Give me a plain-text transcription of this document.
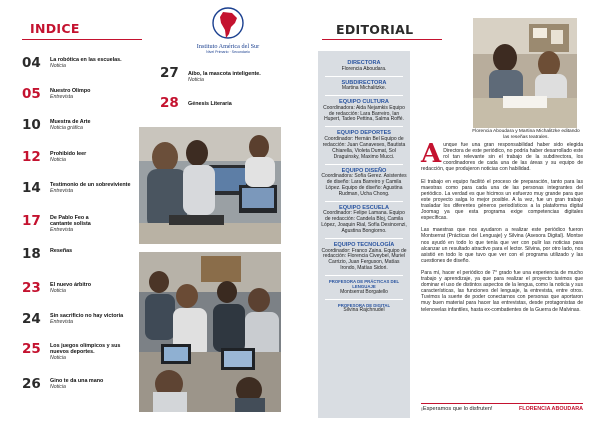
INDICE
Instituto América del Sur
Nivel Primario · Secundario
04	La robótica en las escuelas.
Noticia
05	Nuestro Olimpo
Entrevista
10	Muestra de Arte
Noticia gráfica
12	Prohibido leer
Noticia
14	Testimonio de un sobreviviente
Entrevista
17	De Pablo Feo a cantante solista
Entrevista
18	Reseñas
23	El nuevo árbitro
Noticia
24	Sin sacrificio no hay victoria
Entrevista
25	Los juegos olímpicos y sus nuevos deportes.
Noticia
26	Gino te da una mano
Noticia
27	Aibo, la mascota inteligente.
Noticia
28	Génesis Literaria
EDITORIAL
DIRECTORA
Florencia Aboudara.
SUBDIRECTORA
Martina Michalitzke.
EQUIPO CULTURA
Coordinadora: Aida Nejamkis Equipo de redacción: Lara Barreiro, Ian Hupert, Tadeo Pettina, Salma Roffé.
EQUIPO DEPORTES
Coordinador: Hernán Bel Equipo de redacción: Juan Canaveses, Bautista Chiarella, Violeta Dumat, Sol Draguinsky, Maximo Mucci.
EQUIPO DISEÑO
Coordinadora: Sofía Gerez. Asistentes de diseño: Lara Barreiro y Camila López. Equipo de diseño: Agustina Rudman, Ucha Chong.
EQUIPO ESCUELA
Coordinador: Felipe Lamana. Equipo de redacción: Candela Bloj, Camila López, Joaquin Rial, Sofía Desincenzi, Agustina Bongiorno.
EQUIPO TECNOLOGÍA
Coordinador: Franco Zaina. Equipo de redacción: Florencia Civeybel, Muriel Carrizio, Juan Ferguson, Matías Irondo, Matías Sidori.
PROFESORA DE PRÁCTICAS DEL LENGUAJE
Montserrat Borgatello
PROFESORA DE DIGITAL
Silvina Rajchnudel
Florencia Aboudara y Martina Michalitzke editando las reseñas teatrales.

Aunque fue una gran responsabilidad haber sido elegida Directora de este periódico, no podría haber desarrollado este rol tan relevante sin el trabajo de la subdirectora, los coordinadores de cada una de las áreas y su equipo de redacción, que produjeron noticias con habilidad.

El trabajo en equipo facilitó el proceso de preparación, tanto para las maestras como para cada una de las personas integrantes del periódico. La verdad es que hicimos un esfuerzo muy grande para que este proyecto salga lo mejor posible. A la vez, fue un gran trabajo trasladar los diferentes géneros periodísticos a la plataforma digital Joomag ya que esta programa exige competencias digitales específicas.

Las maestras que nos ayudaron a realizar este periódico fueron Montserrat (Prácticas del Lenguaje) y Silvina (Asesora Digital). Montse nos ayudó en todo lo que tenía que ver con pulir las noticias para alcanzar un resultado atractivo para el lector. Silvina, por otro lado, nos asistió en todo lo que tuvo que ver con el programa utilizado y las cuestiones de diseño.

Para mí, hacer el periódico de 7° grado fue una experiencia de mucho trabajo y aprendizaje, ya que para realizar el proyecto tuvimos que dominar el uso de distintos aspectos de la lengua, como la noticia y sus características, las funciones del lenguaje, la entrevista, entre otros. Tuvimos la suerte de poder conectarnos con personas que aportaron muy buen material para hacer las entrevistas, desde protagonistas de telenovelas infantiles, hasta ex-combatientes de la Guerra de Malvinas.

¡Esperamos que lo disfruten!	FLORENCIA ABOUDARA
